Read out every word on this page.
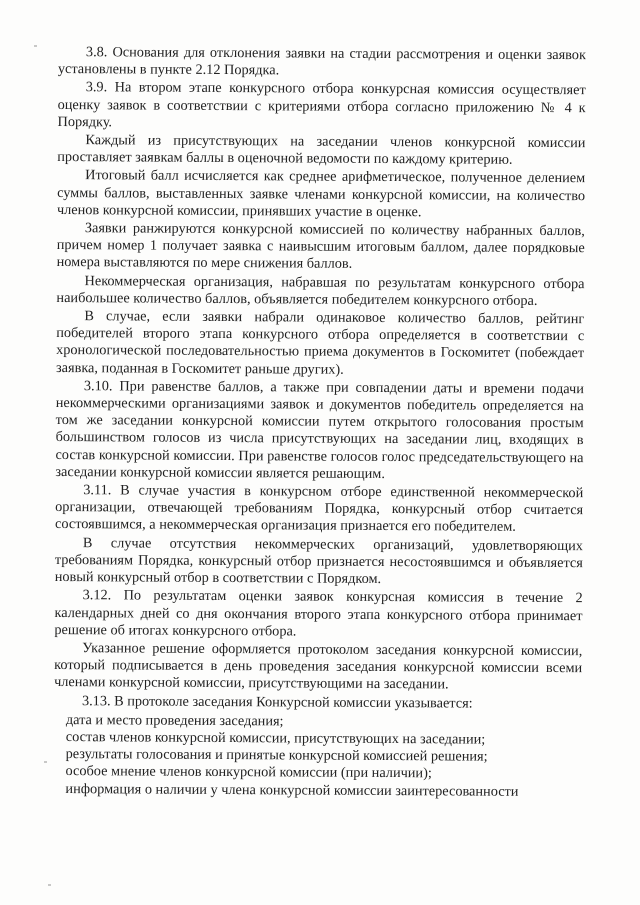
3.8. Основания для отклонения заявки на стадии рассмотрения и оценки заявок установлены в пункте 2.12 Порядка.

3.9. На втором этапе конкурсного отбора конкурсная комиссия осуществляет оценку заявок в соответствии с критериями отбора согласно приложению № 4 к Порядку.

Каждый из присутствующих на заседании членов конкурсной комиссии проставляет заявкам баллы в оценочной ведомости по каждому критерию.

Итоговый балл исчисляется как среднее арифметическое, полученное делением суммы баллов, выставленных заявке членами конкурсной комиссии, на количество членов конкурсной комиссии, принявших участие в оценке.

Заявки ранжируются конкурсной комиссией по количеству набранных баллов, причем номер 1 получает заявка с наивысшим итоговым баллом, далее порядковые номера выставляются по мере снижения баллов.

Некоммерческая организация, набравшая по результатам конкурсного отбора наибольшее количество баллов, объявляется победителем конкурсного отбора.

В случае, если заявки набрали одинаковое количество баллов, рейтинг победителей второго этапа конкурсного отбора определяется в соответствии с хронологической последовательностью приема документов в Госкомитет (побеждает заявка, поданная в Госкомитет раньше других).

3.10. При равенстве баллов, а также при совпадении даты и времени подачи некоммерческими организациями заявок и документов победитель определяется на том же заседании конкурсной комиссии путем открытого голосования простым большинством голосов из числа присутствующих на заседании лиц, входящих в состав конкурсной комиссии. При равенстве голосов голос председательствующего на заседании конкурсной комиссии является решающим.

3.11. В случае участия в конкурсном отборе единственной некоммерческой организации, отвечающей требованиям Порядка, конкурсный отбор считается состоявшимся, а некоммерческая организация признается его победителем.

В случае отсутствия некоммерческих организаций, удовлетворяющих требованиям Порядка, конкурсный отбор признается несостоявшимся и объявляется новый конкурсный отбор в соответствии с Порядком.

3.12. По результатам оценки заявок конкурсная комиссия в течение 2 календарных дней со дня окончания второго этапа конкурсного отбора принимает решение об итогах конкурсного отбора.

Указанное решение оформляется протоколом заседания конкурсной комиссии, который подписывается в день проведения заседания конкурсной комиссии всеми членами конкурсной комиссии, присутствующими на заседании.

3.13. В протоколе заседания Конкурсной комиссии указывается:

дата и место проведения заседания;

состав членов конкурсной комиссии, присутствующих на заседании;

результаты голосования и принятые конкурсной комиссией решения;

особое мнение членов конкурсной комиссии (при наличии);

информация о наличии у члена конкурсной комиссии заинтересованности
